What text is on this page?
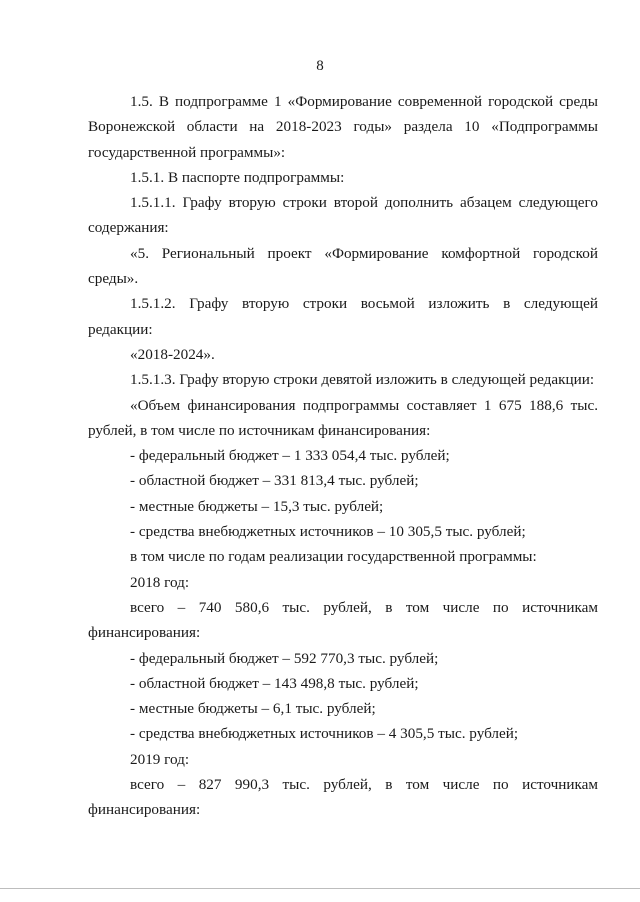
8

1.5. В подпрограмме 1 «Формирование современной городской среды
Воронежской области на 2018-2023 годы» раздела 10 «Подпрограммы
государственной программы»:

1.5.1. В паспорте подпрограммы:

1.5.1.1. Графу вторую строки второй дополнить абзацем следующего
содержания:

«5. Региональный проект «Формирование комфортной городской
среды».

1.5.1.2. Графу вторую строки восьмой изложить в следующей
редакции:

«2018-2024».

1.5.1.3. Графу вторую строки девятой изложить в следующей редакции:

«Объем финансирования подпрограммы составляет 1 675 188,6 тыс.
рублей, в том числе по источникам финансирования:

- федеральный бюджет – 1 333 054,4 тыс. рублей;

- областной бюджет – 331 813,4 тыс. рублей;

- местные бюджеты – 15,3 тыс. рублей;

- средства внебюджетных источников – 10 305,5 тыс. рублей;

в том числе по годам реализации государственной программы:

2018 год:

всего – 740 580,6 тыс. рублей, в том числе по источникам
финансирования:

- федеральный бюджет – 592 770,3 тыс. рублей;

- областной бюджет – 143 498,8 тыс. рублей;

- местные бюджеты – 6,1 тыс. рублей;

- средства внебюджетных источников – 4 305,5 тыс. рублей;

2019 год:

всего – 827 990,3 тыс. рублей, в том числе по источникам
финансирования:
